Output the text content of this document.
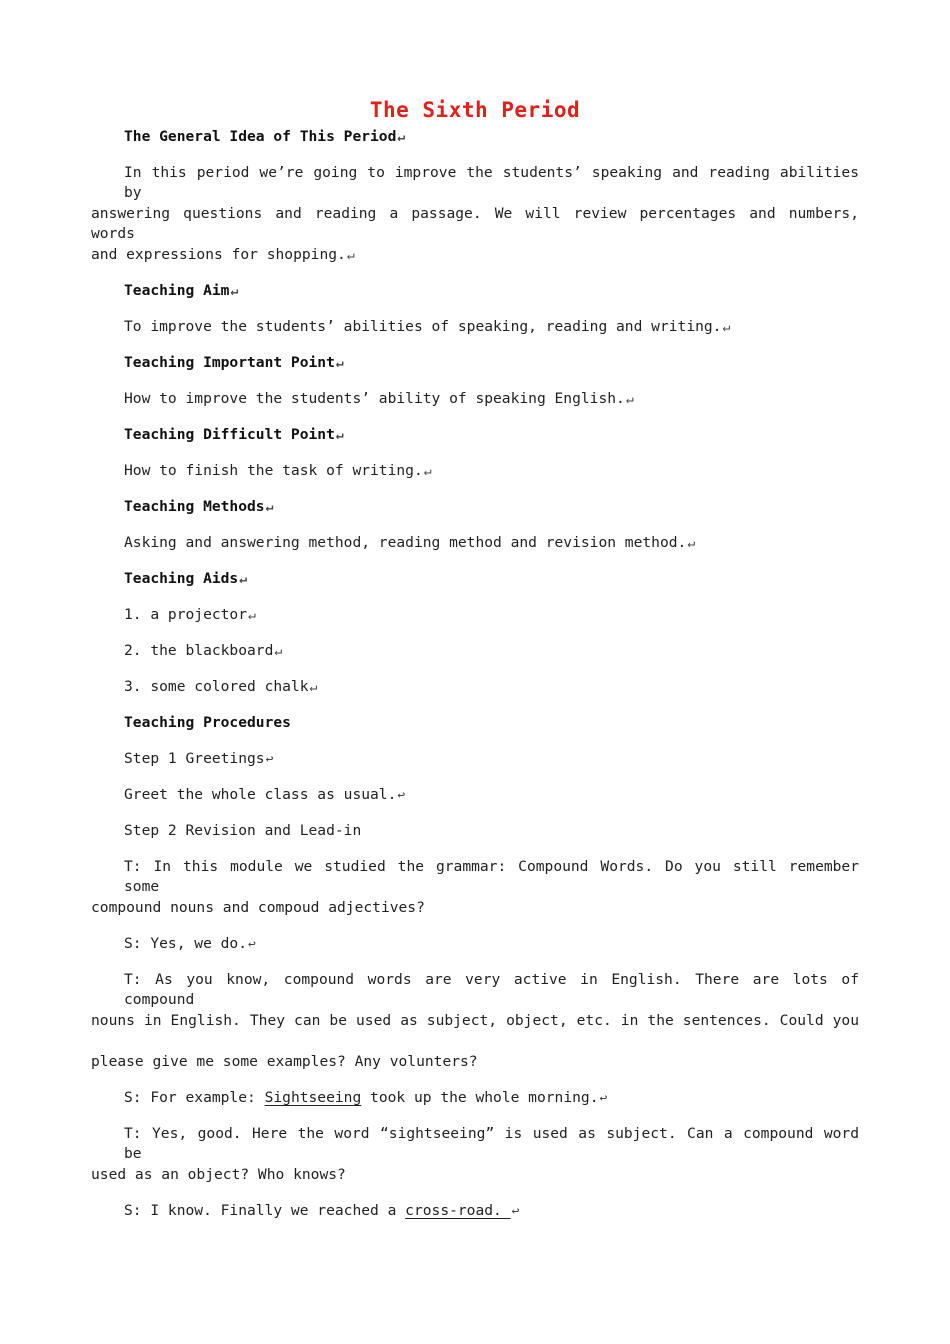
The Sixth Period
The General Idea of This Period↵
In this period we’re going to improve the students’ speaking and reading abilities by
answering questions and reading a passage. We will review percentages and numbers, words
and expressions for shopping.↵
Teaching Aim↵
To improve the students’ abilities of speaking, reading and writing.↵
Teaching Important Point↵
How to improve the students’ ability of speaking English.↵
Teaching Difficult Point↵
How to finish the task of writing.↵
Teaching Methods↵
Asking and answering method, reading method and revision method.↵
Teaching Aids↵
1. a projector↵
2. the blackboard↵
3. some colored chalk↵
Teaching Procedures
Step 1 Greetings↩
Greet the whole class as usual.↩
Step 2 Revision and Lead-in
T: In this module we studied the grammar: Compound Words. Do you still remember some
compound nouns and compoud adjectives?
S: Yes, we do.↩
T: As you know, compound words are very active in English. There are lots of compound
nouns in English. They can be used as subject, object, etc. in the sentences. Could you
please give me some examples? Any volunters?
S: For example: Sightseeing took up the whole morning.↩
T: Yes, good. Here the word “sightseeing” is used as subject. Can a compound word be
used as an object? Who knows?
S: I know. Finally we reached a cross-road. ↩
